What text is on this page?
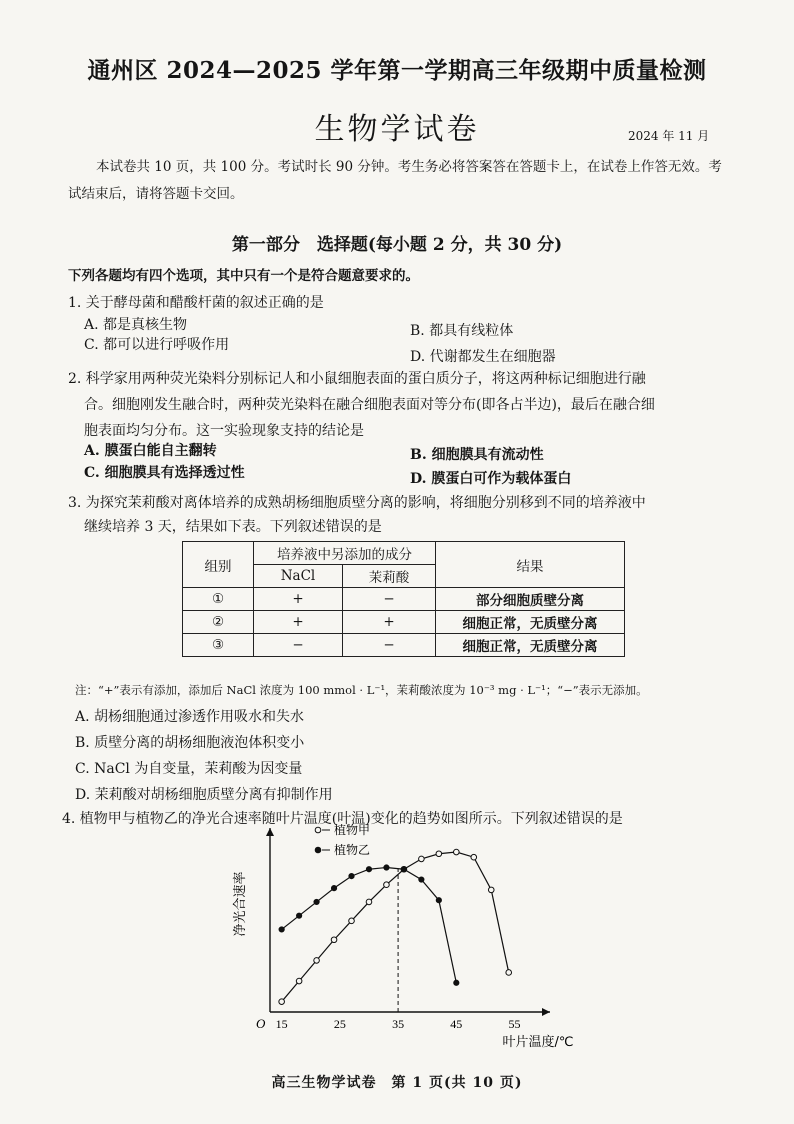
通州区 2024—2025 学年第一学期高三年级期中质量检测
生物学试卷	2024 年 11 月
本试卷共 10 页，共 100 分。考试时长 90 分钟。考生务必将答案答在答题卡上，在试卷上作答无效。考试结束后，请将答题卡交回。
第一部分　选择题(每小题 2 分，共 30 分)
下列各题均有四个选项，其中只有一个是符合题意要求的。
1. 关于酵母菌和醋酸杆菌的叙述正确的是
A. 都是真核生物	B. 都具有线粒体
C. 都可以进行呼吸作用
D. 代谢都发生在细胞器
2. 科学家用两种荧光染料分别标记人和小鼠细胞表面的蛋白质分子，将这两种标记细胞进行融
合。细胞刚发生融合时，两种荧光染料在融合细胞表面对等分布(即各占半边)，最后在融合细
胞表面均匀分布。这一实验现象支持的结论是
A. 膜蛋白能自主翻转	B. 细胞膜具有流动性
C. 细胞膜具有选择透过性	D. 膜蛋白可作为载体蛋白
3. 为探究茉莉酸对离体培养的成熟胡杨细胞质壁分离的影响，将细胞分别移到不同的培养液中
继续培养 3 天，结果如下表。下列叙述错误的是
组别	培养液中另添加的成分		结果
	NaCl	茉莉酸	
①	+	−	部分细胞质壁分离
②	+	+	细胞正常，无质壁分离
③	−	−	细胞正常，无质壁分离
注：“+”表示有添加，添加后 NaCl 浓度为 100 mmol · L⁻¹，茉莉酸浓度为 10⁻³ mg · L⁻¹；“−”表示无添加。
A. 胡杨细胞通过渗透作用吸水和失水
B. 质壁分离的胡杨细胞液泡体积变小
C. NaCl 为自变量，茉莉酸为因变量
D. 茉莉酸对胡杨细胞质壁分离有抑制作用
4. 植物甲与植物乙的净光合速率随叶片温度(叶温)变化的趋势如图所示。下列叙述错误的是
O 15	25	35	45	55
叶片温度/℃
净光合速率
植物甲
植物乙
高三生物学试卷　第 1 页(共 10 页)
